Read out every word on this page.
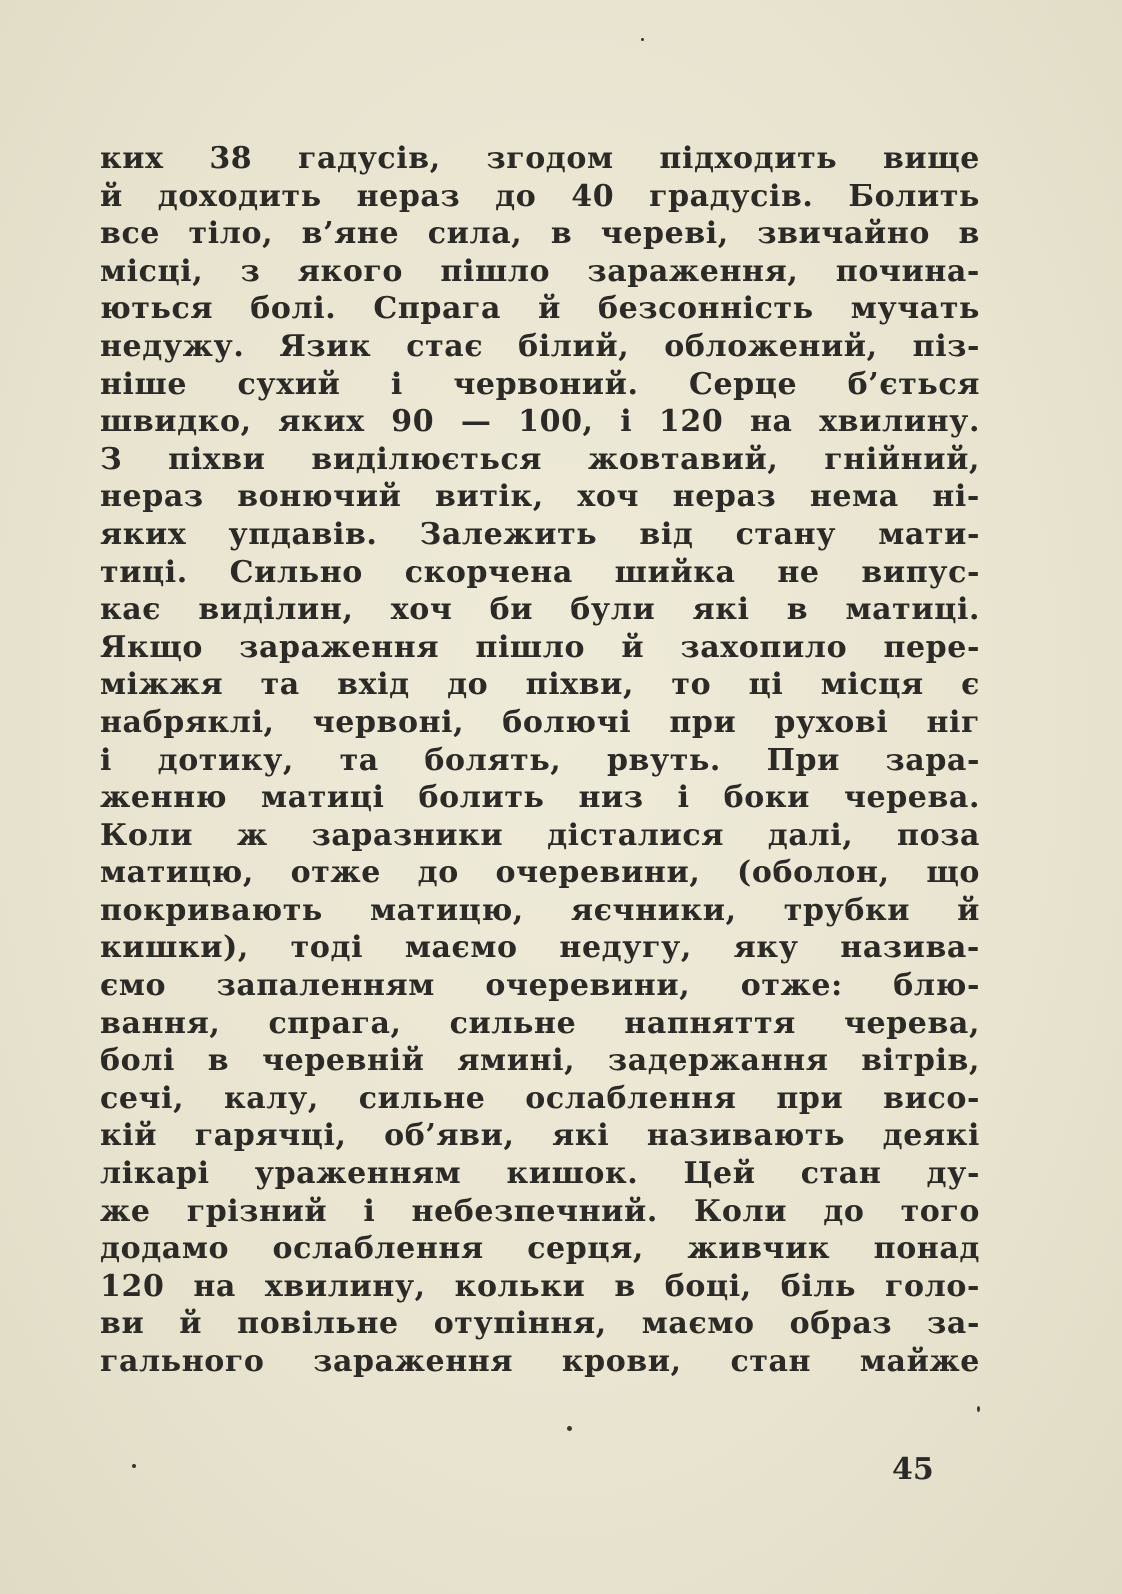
ких 38 гадусів, згодом підходить вище
й доходить нераз до 40 градусів. Болить
все тіло, в’яне сила, в череві, звичайно в
місці, з якого пішло зараження, почина-
ються болі. Спрага й безсонність мучать
недужу. Язик стає білий, обложений, піз-
ніше сухий і червоний. Серце б’ється
швидко, яких 90 — 100, і 120 на хвилину.
З піхви виділюється жовтавий, гнійний,
нераз вонючий витік, хоч нераз нема ні-
яких упдавів. Залежить від стану мати-
тиці. Сильно скорчена шийка не випус-
кає виділин, хоч би були які в матиці.
Якщо зараження пішло й захопило пере-
міжжя та вхід до піхви, то ці місця є
набряклі, червоні, болючі при рухові ніг
і дотику, та болять, рвуть. При зара-
женню матиці болить низ і боки черева.
Коли ж заразники дісталися далі, поза
матицю, отже до очеревини, (оболон, що
покривають матицю, яєчники, трубки й
кишки), тоді маємо недугу, яку назива-
ємо запаленням очеревини, отже: блю-
вання, спрага, сильне напняття черева,
болі в черевній ямині, задержання вітрів,
сечі, калу, сильне ослаблення при висо-
кій гарячці, об’яви, які називають деякі
лікарі ураженням кишок. Цей стан ду-
же грізний і небезпечний. Коли до того
додамо ослаблення серця, живчик понад
120 на хвилину, кольки в боці, біль голо-
ви й повільне отупіння, маємо образ за-
гального зараження крови, стан майже
45
